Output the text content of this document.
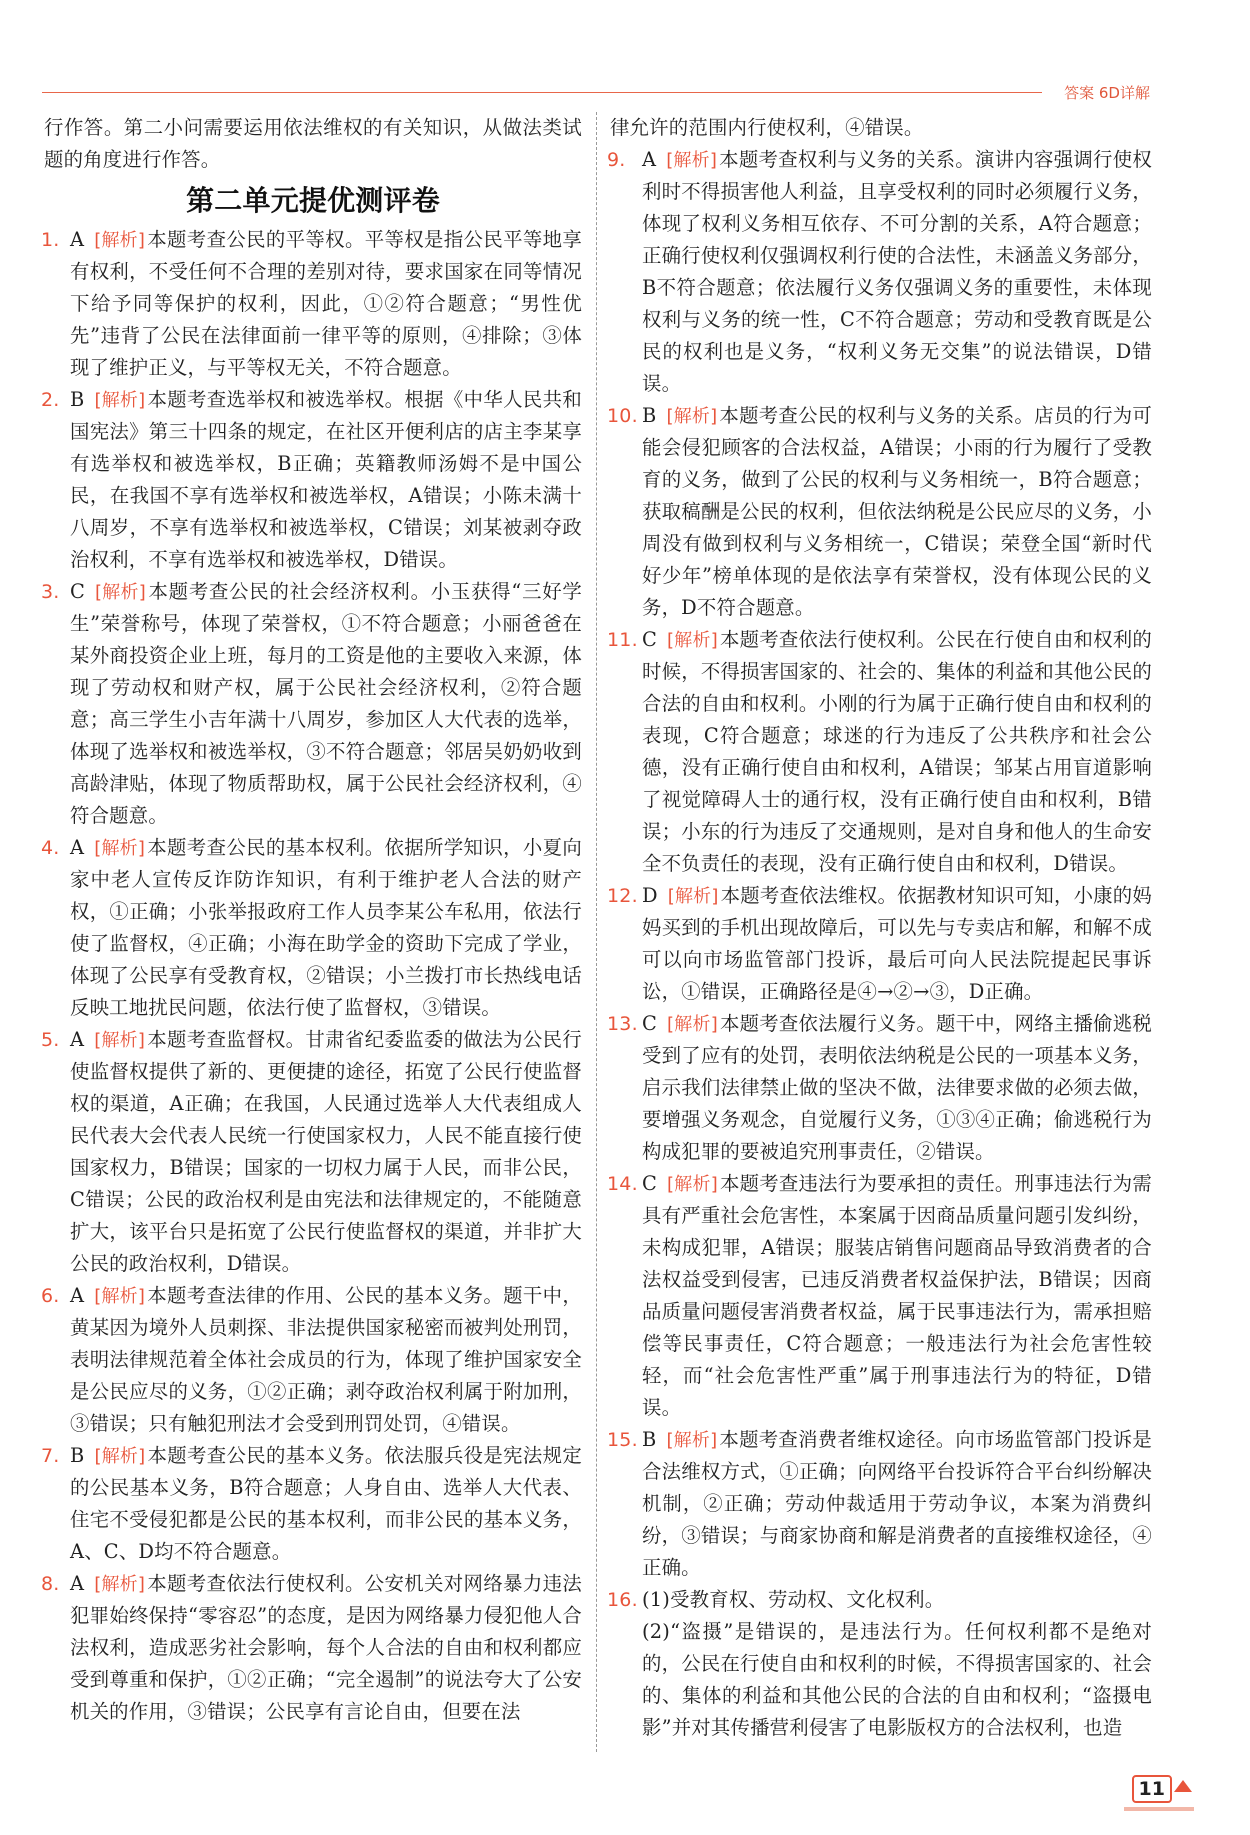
答案 6D详解

行作答。第二小问需要运用依法维权的有关知识，从做法类试题的角度进行作答。

第二单元提优测评卷

1. A [解析] 本题考查公民的平等权。平等权是指公民平等地享有权利，不受任何不合理的差别对待，要求国家在同等情况下给予同等保护的权利，因此，①②符合题意；“男性优先”违背了公民在法律面前一律平等的原则，④排除；③体现了维护正义，与平等权无关，不符合题意。

2. B [解析] 本题考查选举权和被选举权。根据《中华人民共和国宪法》第三十四条的规定，在社区开便利店的店主李某享有选举权和被选举权，B正确；英籍教师汤姆不是中国公民，在我国不享有选举权和被选举权，A错误；小陈未满十八周岁，不享有选举权和被选举权，C错误；刘某被剥夺政治权利，不享有选举权和被选举权，D错误。

3. C [解析] 本题考查公民的社会经济权利。小玉获得“三好学生”荣誉称号，体现了荣誉权，①不符合题意；小丽爸爸在某外商投资企业上班，每月的工资是他的主要收入来源，体现了劳动权和财产权，属于公民社会经济权利，②符合题意；高三学生小吉年满十八周岁，参加区人大代表的选举，体现了选举权和被选举权，③不符合题意；邻居吴奶奶收到高龄津贴，体现了物质帮助权，属于公民社会经济权利，④符合题意。

4. A [解析] 本题考查公民的基本权利。依据所学知识，小夏向家中老人宣传反诈防诈知识，有利于维护老人合法的财产权，①正确；小张举报政府工作人员李某公车私用，依法行使了监督权，④正确；小海在助学金的资助下完成了学业，体现了公民享有受教育权，②错误；小兰拨打市长热线电话反映工地扰民问题，依法行使了监督权，③错误。

5. A [解析] 本题考查监督权。甘肃省纪委监委的做法为公民行使监督权提供了新的、更便捷的途径，拓宽了公民行使监督权的渠道，A正确；在我国，人民通过选举人大代表组成人民代表大会代表人民统一行使国家权力，人民不能直接行使国家权力，B错误；国家的一切权力属于人民，而非公民，C错误；公民的政治权利是由宪法和法律规定的，不能随意扩大，该平台只是拓宽了公民行使监督权的渠道，并非扩大公民的政治权利，D错误。

6. A [解析] 本题考查法律的作用、公民的基本义务。题干中，黄某因为境外人员刺探、非法提供国家秘密而被判处刑罚，表明法律规范着全体社会成员的行为，体现了维护国家安全是公民应尽的义务，①②正确；剥夺政治权利属于附加刑，③错误；只有触犯刑法才会受到刑罚处罚，④错误。

7. B [解析] 本题考查公民的基本义务。依法服兵役是宪法规定的公民基本义务，B符合题意；人身自由、选举人大代表、住宅不受侵犯都是公民的基本权利，而非公民的基本义务，A、C、D均不符合题意。

8. A [解析] 本题考查依法行使权利。公安机关对网络暴力违法犯罪始终保持“零容忍”的态度，是因为网络暴力侵犯他人合法权利，造成恶劣社会影响，每个人合法的自由和权利都应受到尊重和保护，①②正确；“完全遏制”的说法夸大了公安机关的作用，③错误；公民享有言论自由，但要在法

律允许的范围内行使权利，④错误。

9. A [解析] 本题考查权利与义务的关系。演讲内容强调行使权利时不得损害他人利益，且享受权利的同时必须履行义务，体现了权利义务相互依存、不可分割的关系，A符合题意；正确行使权利仅强调权利行使的合法性，未涵盖义务部分，B不符合题意；依法履行义务仅强调义务的重要性，未体现权利与义务的统一性，C不符合题意；劳动和受教育既是公民的权利也是义务，“权利义务无交集”的说法错误，D错误。

10. B [解析] 本题考查公民的权利与义务的关系。店员的行为可能会侵犯顾客的合法权益，A错误；小雨的行为履行了受教育的义务，做到了公民的权利与义务相统一，B符合题意；获取稿酬是公民的权利，但依法纳税是公民应尽的义务，小周没有做到权利与义务相统一，C错误；荣登全国“新时代好少年”榜单体现的是依法享有荣誉权，没有体现公民的义务，D不符合题意。

11. C [解析] 本题考查依法行使权利。公民在行使自由和权利的时候，不得损害国家的、社会的、集体的利益和其他公民的合法的自由和权利。小刚的行为属于正确行使自由和权利的表现，C符合题意；球迷的行为违反了公共秩序和社会公德，没有正确行使自由和权利，A错误；邹某占用盲道影响了视觉障碍人士的通行权，没有正确行使自由和权利，B错误；小东的行为违反了交通规则，是对自身和他人的生命安全不负责任的表现，没有正确行使自由和权利，D错误。

12. D [解析] 本题考查依法维权。依据教材知识可知，小康的妈妈买到的手机出现故障后，可以先与专卖店和解，和解不成可以向市场监管部门投诉，最后可向人民法院提起民事诉讼，①错误，正确路径是④→②→③，D正确。

13. C [解析] 本题考查依法履行义务。题干中，网络主播偷逃税受到了应有的处罚，表明依法纳税是公民的一项基本义务，启示我们法律禁止做的坚决不做，法律要求做的必须去做，要增强义务观念，自觉履行义务，①③④正确；偷逃税行为构成犯罪的要被追究刑事责任，②错误。

14. C [解析] 本题考查违法行为要承担的责任。刑事违法行为需具有严重社会危害性，本案属于因商品质量问题引发纠纷，未构成犯罪，A错误；服装店销售问题商品导致消费者的合法权益受到侵害，已违反消费者权益保护法，B错误；因商品质量问题侵害消费者权益，属于民事违法行为，需承担赔偿等民事责任，C符合题意；一般违法行为社会危害性较轻，而“社会危害性严重”属于刑事违法行为的特征，D错误。

15. B [解析] 本题考查消费者维权途径。向市场监管部门投诉是合法维权方式，①正确；向网络平台投诉符合平台纠纷解决机制，②正确；劳动仲裁适用于劳动争议，本案为消费纠纷，③错误；与商家协商和解是消费者的直接维权途径，④正确。

16. (1)受教育权、劳动权、文化权利。

(2)“盗摄”是错误的，是违法行为。任何权利都不是绝对的，公民在行使自由和权利的时候，不得损害国家的、社会的、集体的利益和其他公民的合法的自由和权利；“盗摄电影”并对其传播营利侵害了电影版权方的合法权利，也造

11
